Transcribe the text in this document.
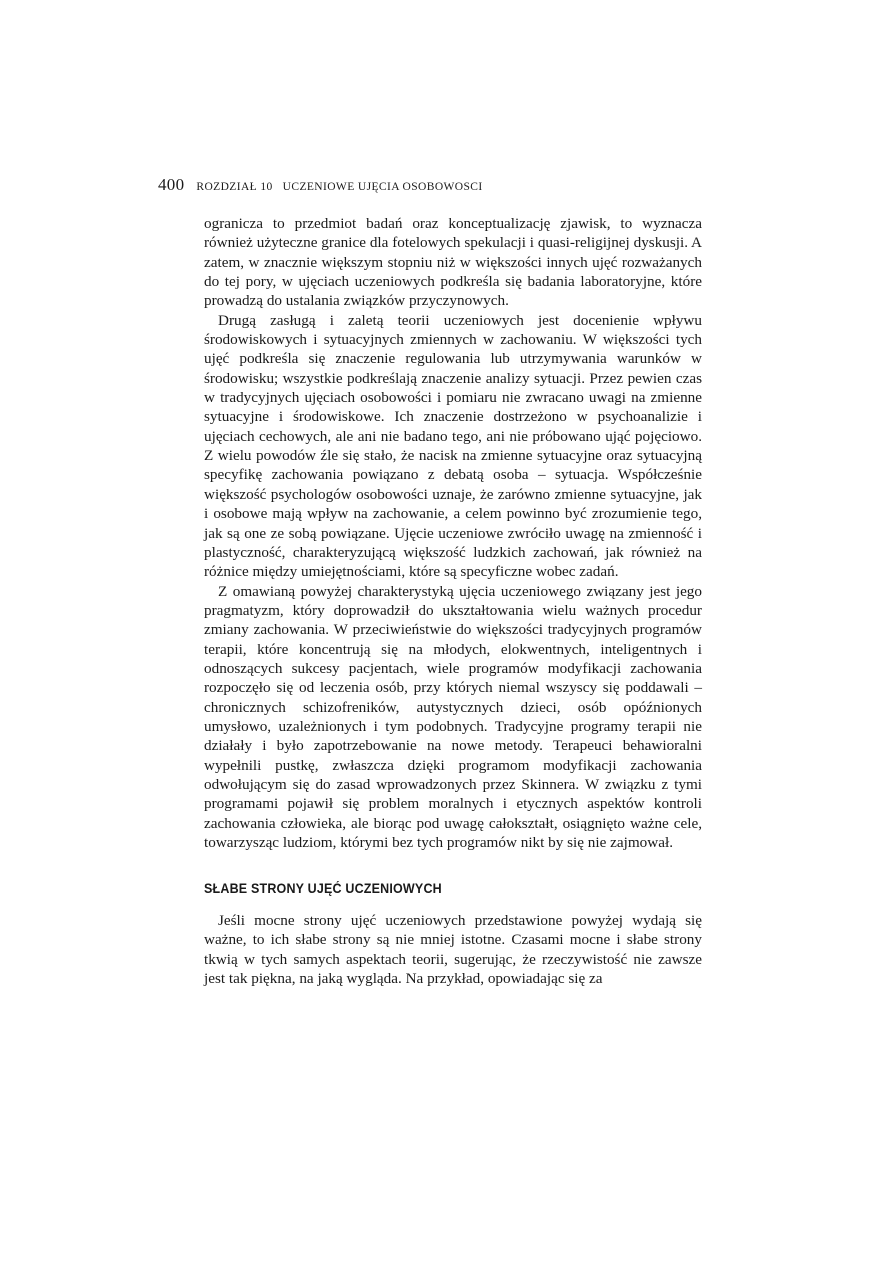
400 ROZDZIAŁ 10 UCZENIOWE UJĘCIA OSOBOWOSCI

ogranicza to przedmiot badań oraz konceptualizację zjawisk, to wyznacza również użyteczne granice dla fotelowych spekulacji i quasi-religijnej dyskusji. A zatem, w znacznie większym stopniu niż w większości innych ujęć rozważanych do tej pory, w ujęciach uczeniowych podkreśla się badania laboratoryjne, które prowadzą do ustalania związków przyczynowych.

Drugą zasługą i zaletą teorii uczeniowych jest docenienie wpływu środowiskowych i sytuacyjnych zmiennych w zachowaniu. W większości tych ujęć podkreśla się znaczenie regulowania lub utrzymywania warunków w środowisku; wszystkie podkreślają znaczenie analizy sytuacji. Przez pewien czas w tradycyjnych ujęciach osobowości i pomiaru nie zwracano uwagi na zmienne sytuacyjne i środowiskowe. Ich znaczenie dostrzeżono w psychoanalizie i ujęciach cechowych, ale ani nie badano tego, ani nie próbowano ująć pojęciowo. Z wielu powodów źle się stało, że nacisk na zmienne sytuacyjne oraz sytuacyjną specyfikę zachowania powiązano z debatą osoba – sytuacja. Współcześnie większość psychologów osobowości uznaje, że zarówno zmienne sytuacyjne, jak i osobowe mają wpływ na zachowanie, a celem powinno być zrozumienie tego, jak są one ze sobą powiązane. Ujęcie uczeniowe zwróciło uwagę na zmienność i plastyczność, charakteryzującą większość ludzkich zachowań, jak również na różnice między umiejętnościami, które są specyficzne wobec zadań.

Z omawianą powyżej charakterystyką ujęcia uczeniowego związany jest jego pragmatyzm, który doprowadził do ukształtowania wielu ważnych procedur zmiany zachowania. W przeciwieństwie do większości tradycyjnych programów terapii, które koncentrują się na młodych, elokwentnych, inteligentnych i odnoszących sukcesy pacjentach, wiele programów modyfikacji zachowania rozpoczęło się od leczenia osób, przy których niemal wszyscy się poddawali – chronicznych schizofreników, autystycznych dzieci, osób opóźnionych umysłowo, uzależnionych i tym podobnych. Tradycyjne programy terapii nie działały i było zapotrzebowanie na nowe metody. Terapeuci behawioralni wypełnili pustkę, zwłaszcza dzięki programom modyfikacji zachowania odwołującym się do zasad wprowadzonych przez Skinnera. W związku z tymi programami pojawił się problem moralnych i etycznych aspektów kontroli zachowania człowieka, ale biorąc pod uwagę całokształt, osiągnięto ważne cele, towarzysząc ludziom, którymi bez tych programów nikt by się nie zajmował.

SŁABE STRONY UJĘĆ UCZENIOWYCH

Jeśli mocne strony ujęć uczeniowych przedstawione powyżej wydają się ważne, to ich słabe strony są nie mniej istotne. Czasami mocne i słabe strony tkwią w tych samych aspektach teorii, sugerując, że rzeczywistość nie zawsze jest tak piękna, na jaką wygląda. Na przykład, opowiadając się za
